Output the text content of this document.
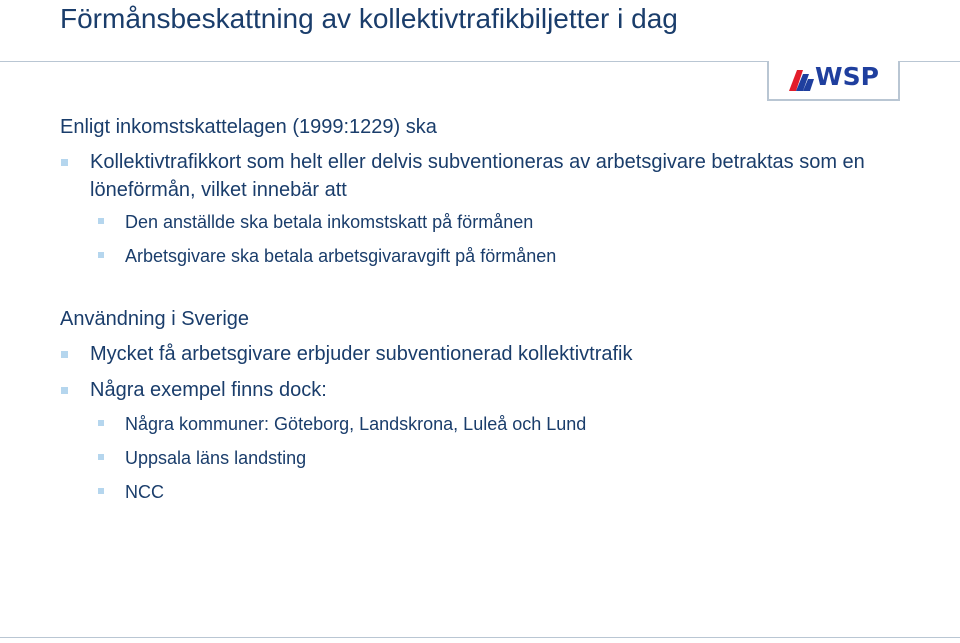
Förmånsbeskattning av kollektivtrafikbiljetter i dag
WSP

Enligt inkomstskattelagen (1999:1229) ska

Kollektivtrafikkort som helt eller delvis subventioneras av arbetsgivare betraktas som en löneförmån, vilket innebär att
Den anställde ska betala inkomstskatt på förmånen
Arbetsgivare ska betala arbetsgivaravgift på förmånen

Användning i Sverige

Mycket få arbetsgivare erbjuder subventionerad kollektivtrafik
Några exempel finns dock:
Några kommuner: Göteborg, Landskrona, Luleå och Lund
Uppsala läns landsting
NCC
